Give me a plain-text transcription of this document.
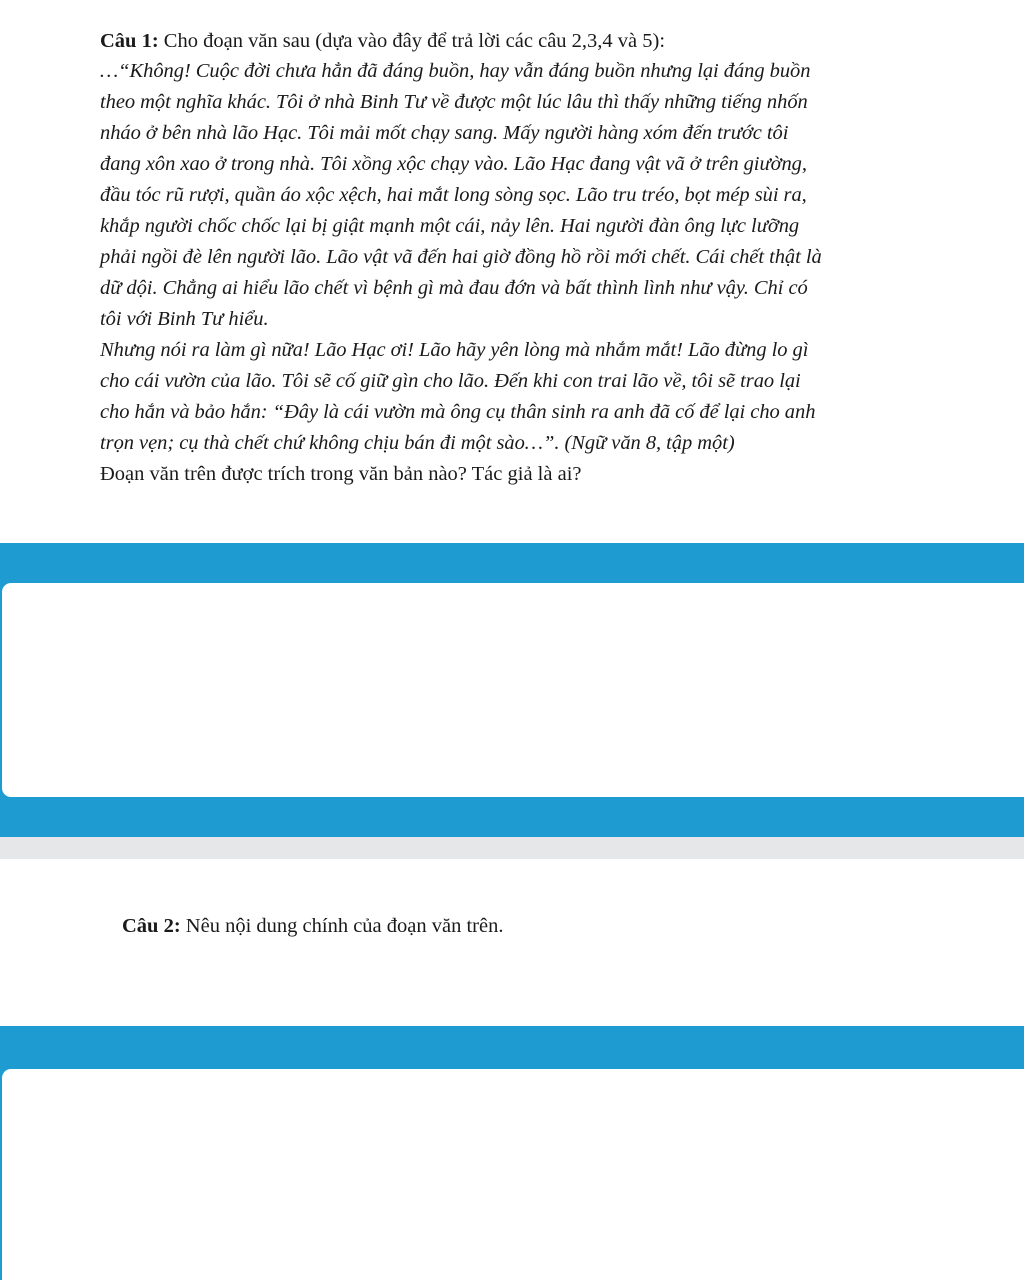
Câu 1: Cho đoạn văn sau (dựa vào đây để trả lời các câu 2,3,4 và 5):

…“Không! Cuộc đời chưa hẳn đã đáng buồn, hay vẫn đáng buồn nhưng lại đáng buồn
theo một nghĩa khác. Tôi ở nhà Binh Tư về được một lúc lâu thì thấy những tiếng nhốn
nháo ở bên nhà lão Hạc. Tôi mải mốt chạy sang. Mấy người hàng xóm đến trước tôi
đang xôn xao ở trong nhà. Tôi xồng xộc chạy vào. Lão Hạc đang vật vã ở trên giường,
đầu tóc rũ rượi, quần áo xộc xệch, hai mắt long sòng sọc. Lão tru tréo, bọt mép sùi ra,
khắp người chốc chốc lại bị giật mạnh một cái, nảy lên. Hai người đàn ông lực lưỡng
phải ngồi đè lên người lão. Lão vật vã đến hai giờ đồng hồ rồi mới chết. Cái chết thật là
dữ dội. Chẳng ai hiểu lão chết vì bệnh gì mà đau đớn và bất thình lình như vậy. Chỉ có
tôi với Binh Tư hiểu.
Nhưng nói ra làm gì nữa! Lão Hạc ơi! Lão hãy yên lòng mà nhắm mắt! Lão đừng lo gì
cho cái vườn của lão. Tôi sẽ cố giữ gìn cho lão. Đến khi con trai lão về, tôi sẽ trao lại
cho hắn và bảo hắn: “Đây là cái vườn mà ông cụ thân sinh ra anh đã cố để lại cho anh
trọn vẹn; cụ thà chết chứ không chịu bán đi một sào…”. (Ngữ văn 8, tập một)

Đoạn văn trên được trích trong văn bản nào? Tác giả là ai?

Câu 2: Nêu nội dung chính của đoạn văn trên.
